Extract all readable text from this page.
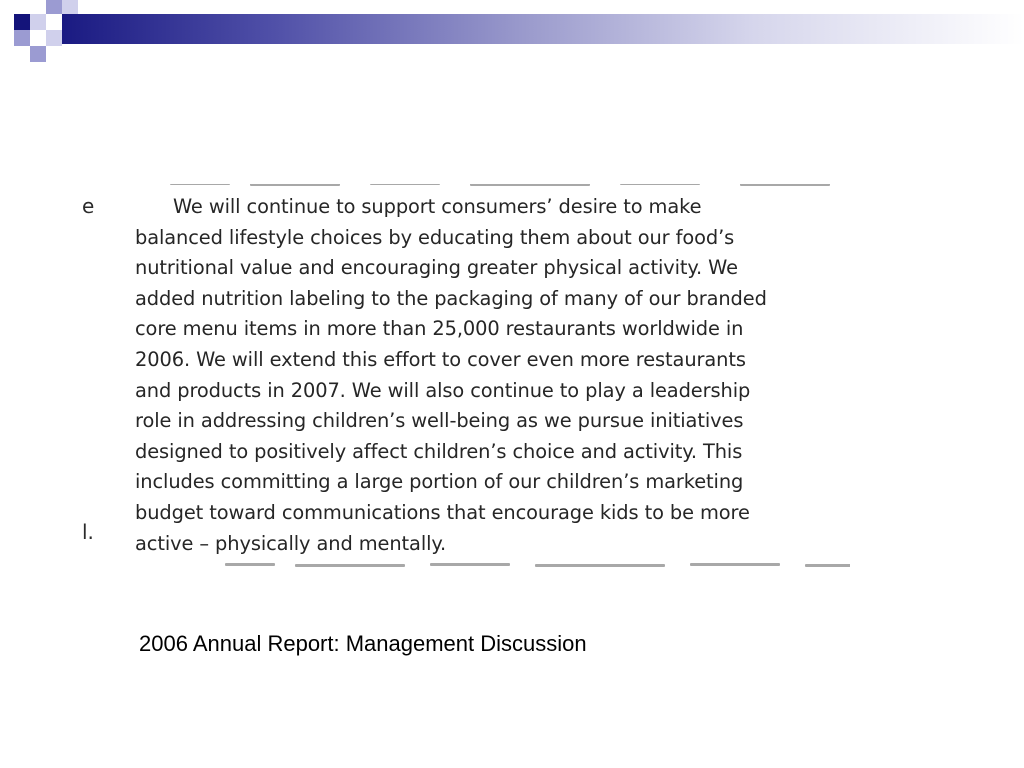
e
l.

We will continue to support consumers’ desire to make
balanced lifestyle choices by educating them about our food’s
nutritional value and encouraging greater physical activity. We
added nutrition labeling to the packaging of many of our branded
core menu items in more than 25,000 restaurants worldwide in
2006. We will extend this effort to cover even more restaurants
and products in 2007. We will also continue to play a leadership
role in addressing children’s well-being as we pursue initiatives
designed to positively affect children’s choice and activity. This
includes committing a large portion of our children’s marketing
budget toward communications that encourage kids to be more
active – physically and mentally.

2006 Annual Report: Management Discussion
